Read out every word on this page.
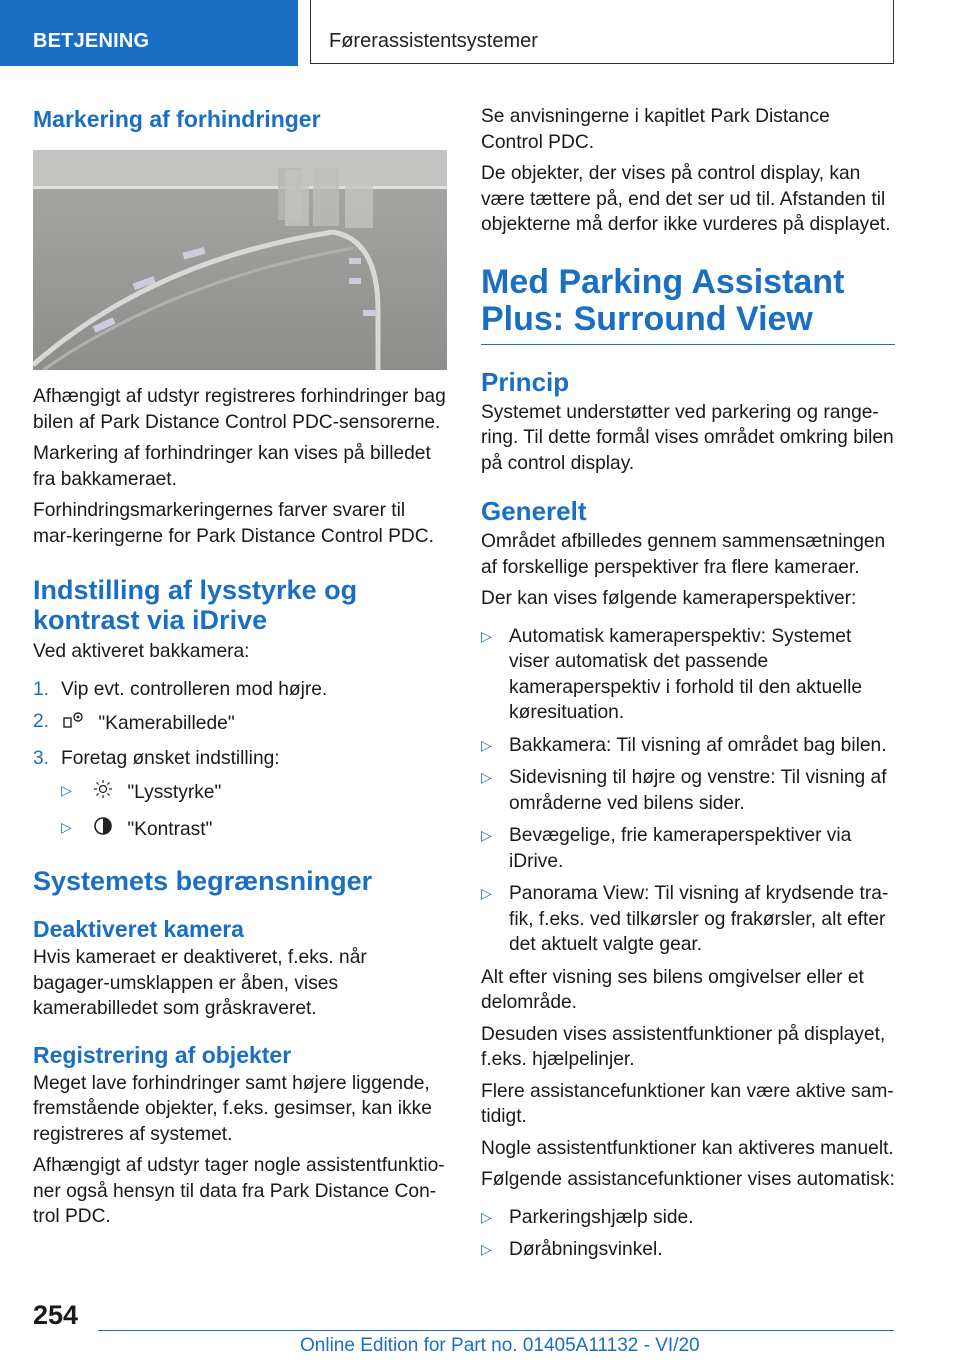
BETJENING	Førerassistentsystemer
Markering af forhindringer

Afhængigt af udstyr registreres forhindringer bag bilen af Park Distance Control PDC-sensorerne.

Markering af forhindringer kan vises på billedet fra bakkameraet.

Forhindringsmarkeringernes farver svarer til mar-keringerne for Park Distance Control PDC.

Indstilling af lysstyrke og kontrast via iDrive

Ved aktiveret bakkamera:

1. Vip evt. controlleren mod højre.
2.	"Kamerabillede"
3. Foretag ønsket indstilling:
▷	"Lysstyrke"
▷	"Kontrast"
Systemets begrænsninger
Deaktiveret kamera

Hvis kameraet er deaktiveret, f.eks. når bagager-umsklappen er åben, vises kamerabilledet som gråskraveret.

Registrering af objekter

Meget lave forhindringer samt højere liggende, fremstående objekter, f.eks. gesimser, kan ikke registreres af systemet.

Afhængigt af udstyr tager nogle assistentfunktio-ner også hensyn til data fra Park Distance Con-trol PDC.

Se anvisningerne i kapitlet Park Distance Control PDC.

De objekter, der vises på control display, kan være tættere på, end det ser ud til. Afstanden til objekterne må derfor ikke vurderes på displayet.

Med Parking Assistant Plus: Surround View
Princip

Systemet understøtter ved parkering og range-ring. Til dette formål vises området omkring bilen på control display.

Generelt

Området afbilledes gennem sammensætningen af forskellige perspektiver fra flere kameraer.

Der kan vises følgende kameraperspektiver:

▷ Automatisk kameraperspektiv: Systemet viser automatisk det passende kameraperspektiv i forhold til den aktuelle køresituation.
▷ Bakkamera: Til visning af området bag bilen.
▷ Sidevisning til højre og venstre: Til visning af områderne ved bilens sider.
▷ Bevægelige, frie kameraperspektiver via iDrive.
▷ Panorama View: Til visning af krydsende tra-fik, f.eks. ved tilkørsler og frakørsler, alt efter det aktuelt valgte gear.

Alt efter visning ses bilens omgivelser eller et delområde.

Desuden vises assistentfunktioner på displayet, f.eks. hjælpelinjer.

Flere assistancefunktioner kan være aktive sam-tidigt.

Nogle assistentfunktioner kan aktiveres manuelt.

Følgende assistancefunktioner vises automatisk:

▷ Parkeringshjælp side.
▷ Døråbningsvinkel.
254
Online Edition for Part no. 01405A11132 - VI/20
